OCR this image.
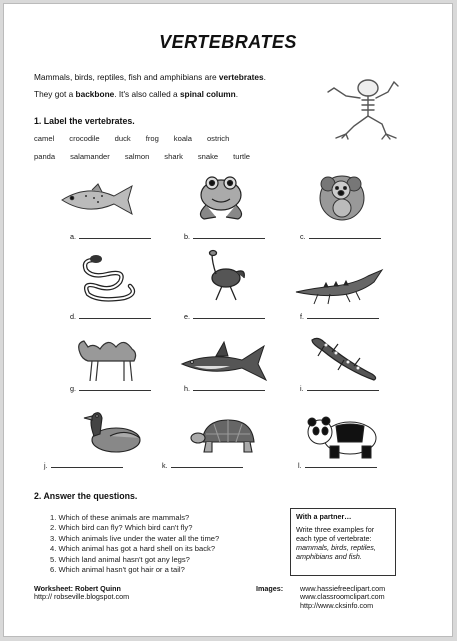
VERTEBRATES
Mammals, birds, reptiles, fish and amphibians are vertebrates.
They got a backbone. It's also called a spinal column.
1. Label the vertebrates.
camel crocodile duck frog koala ostrich
panda salamander salmon shark snake turtle
a.	b.	c.
d.	e.	f.
g.	h.	i.
j.	k.	l.
2. Answer the questions.
1. Which of these animals are mammals?
2. Which bird can fly? Which bird can't fly?
3. Which animals live under the water all the time?
4. Which animal has got a hard shell on its back?
5. Which land animal hasn't got any legs?
6. Which animal hasn't got hair or a tail?
With a partner…
Write three examples for
each type of vertebrate:
mammals, birds, reptiles,
amphibians and fish.
Worksheet: Robert Quinn
http:// robseville.blogspot.com
Images: www.hassiefreeclipart.com
www.classroomclipart.com
http://www.cksinfo.com
